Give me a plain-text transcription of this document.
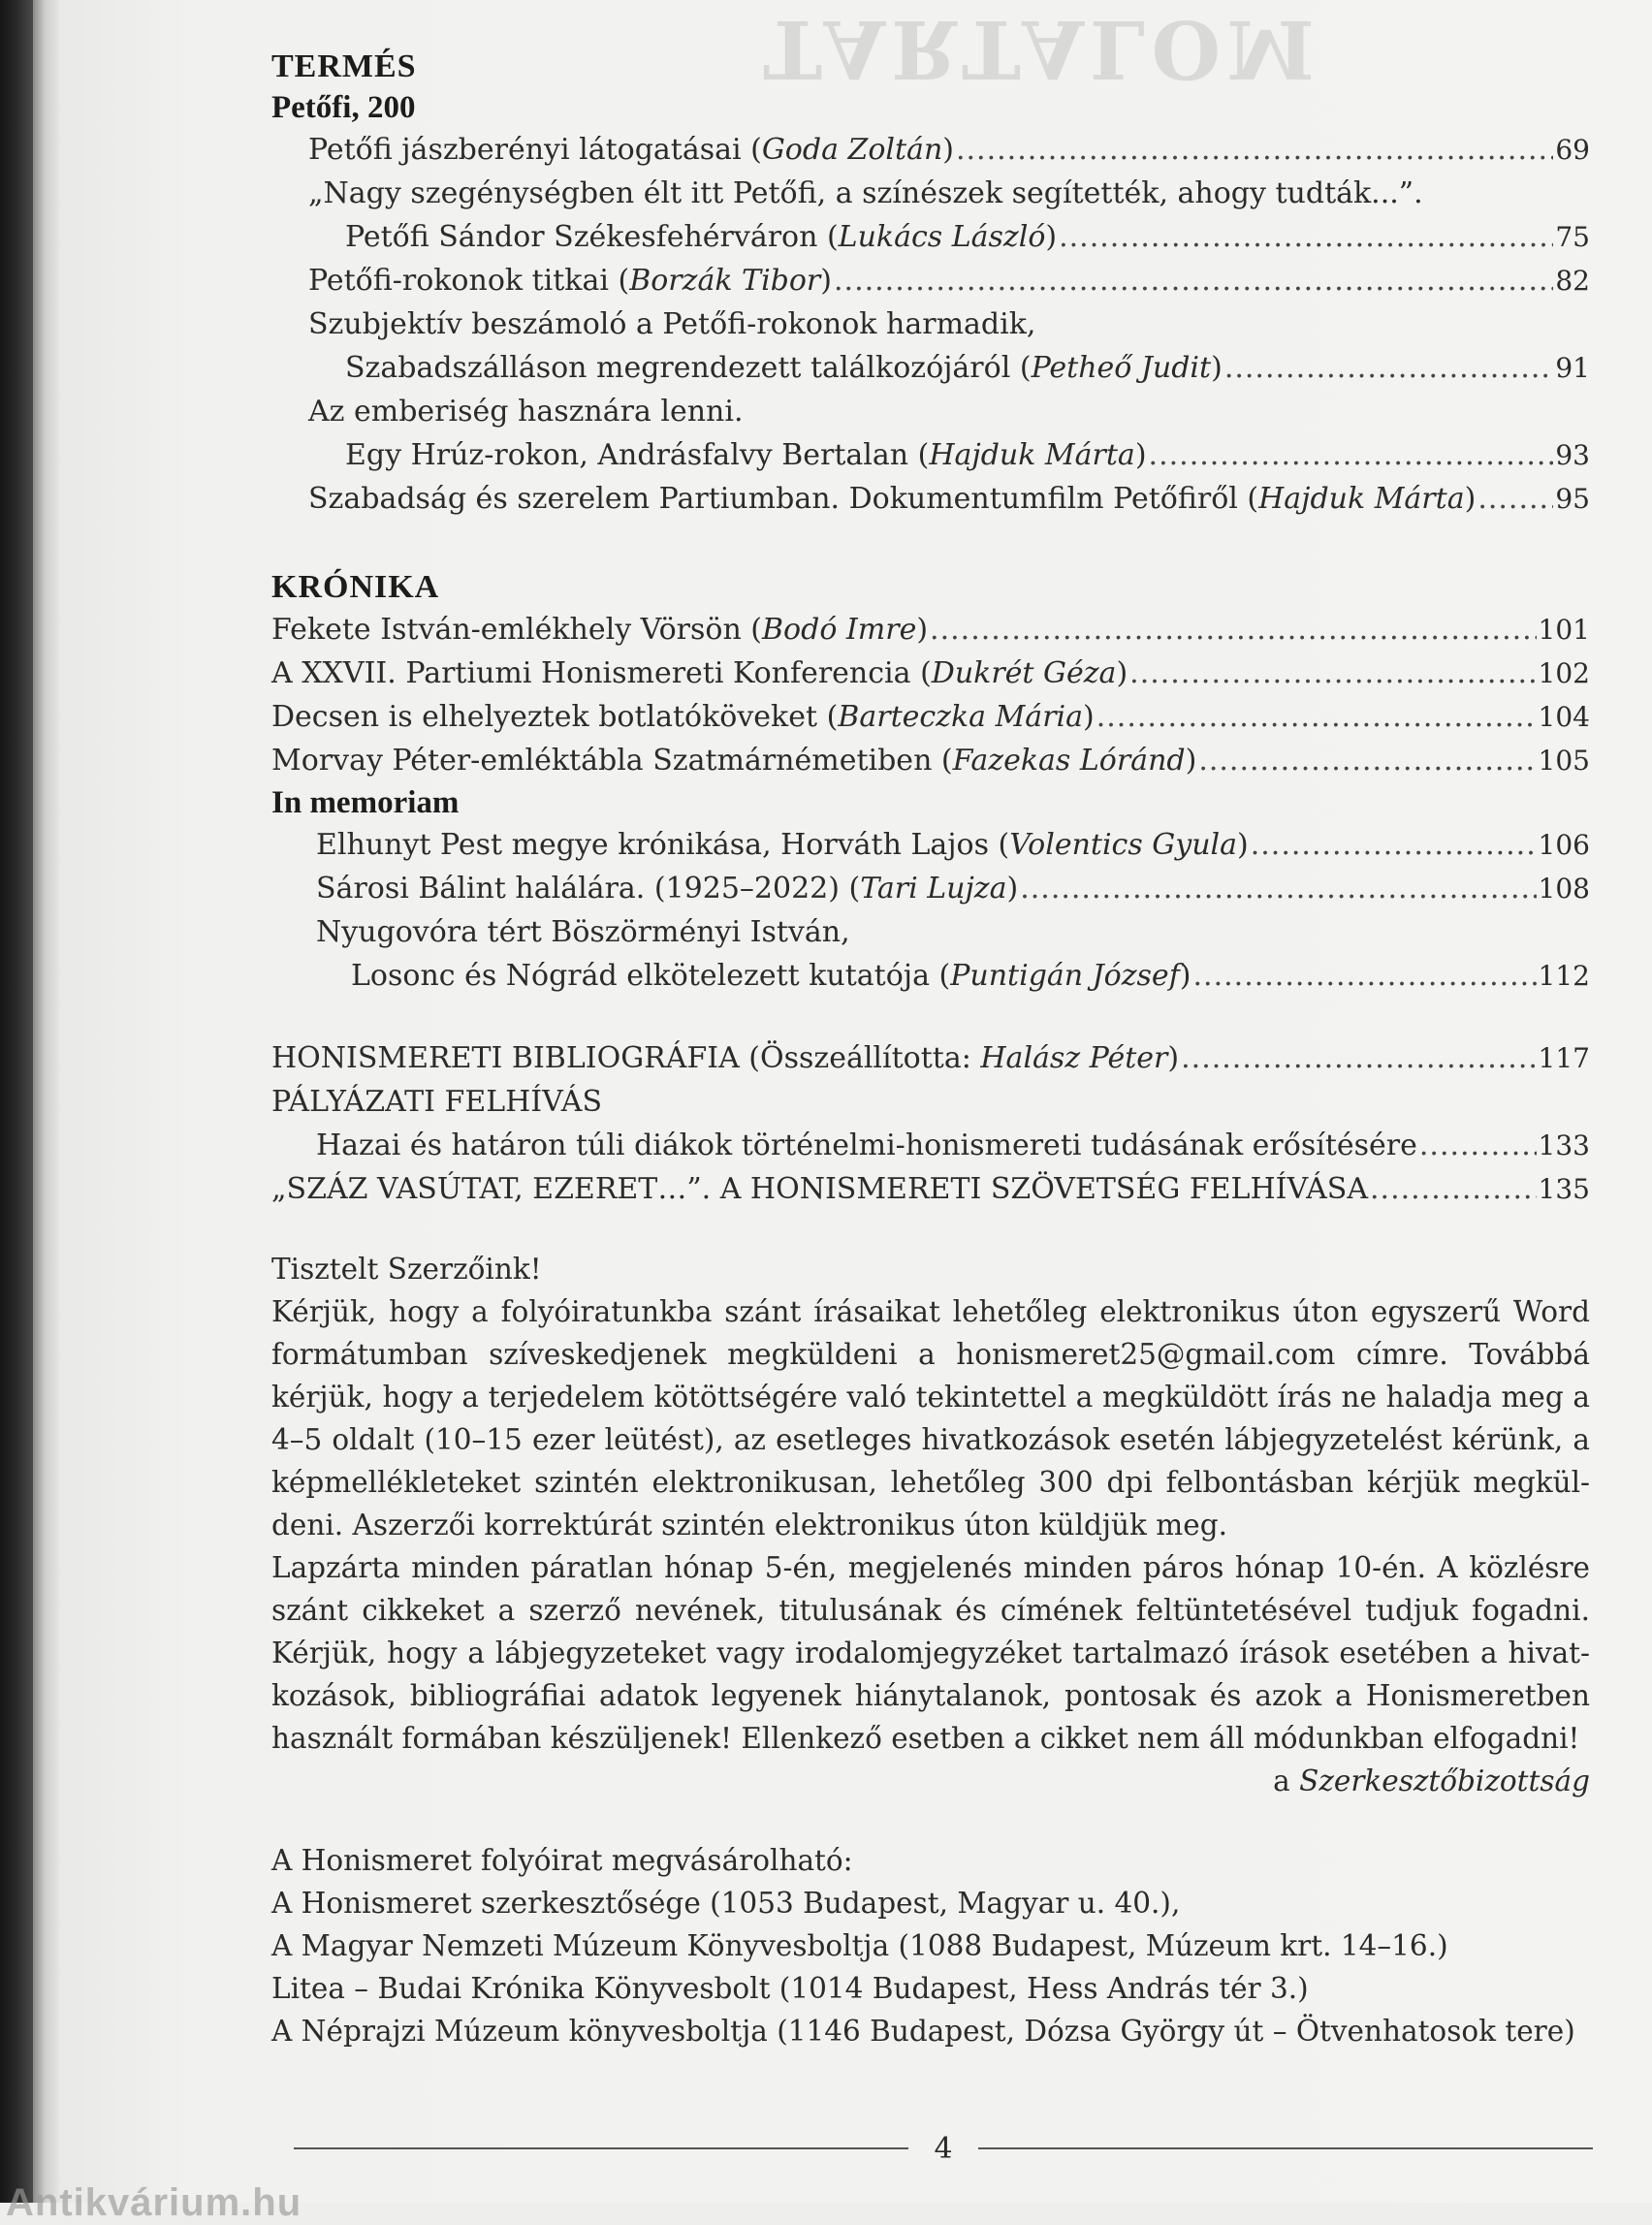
TARTALOM
TERMÉS
Petőfi, 200
Petőfi jászberényi látogatásai (Goda Zoltán) .....	69
„Nagy szegénységben élt itt Petőfi, a színészek segítették, ahogy tudták...”.
Petőfi Sándor Székesfehérváron (Lukács László) .....	75
Petőfi-rokonok titkai (Borzák Tibor) .....	82
Szubjektív beszámoló a Petőfi-rokonok harmadik,
Szabadszálláson megrendezett találkozójáról (Petheő Judit) .....	91
Az emberiség hasznára lenni.
Egy Hrúz-rokon, Andrásfalvy Bertalan (Hajduk Márta) .....	93
Szabadság és szerelem Partiumban. Dokumentumfilm Petőfiről (Hajduk Márta) .....	95
KRÓNIKA
Fekete István-emlékhely Vörsön (Bodó Imre) .....	101
A XXVII. Partiumi Honismereti Konferencia (Dukrét Géza) .....	102
Decsen is elhelyeztek botlatóköveket (Barteczka Mária) .....	104
Morvay Péter-emléktábla Szatmárnémetiben (Fazekas Lóránd) .....	105
In memoriam
Elhunyt Pest megye krónikása, Horváth Lajos (Volentics Gyula) .....	106
Sárosi Bálint halálára. (1925–2022) (Tari Lujza) .....	108
Nyugovóra tért Böszörményi István,
Losonc és Nógrád elkötelezett kutatója (Puntigán József) .....	112
HONISMERETI BIBLIOGRÁFIA (Összeállította: Halász Péter) .....	117
PÁLYÁZATI FELHÍVÁS
Hazai és határon túli diákok történelmi-honismereti tudásának erősítésére .....	133
„SZÁZ VASÚTAT, EZERET…”. A HONISMERETI SZÖVETSÉG FELHÍVÁSA .....	135

Tisztelt Szerzőink!

Kérjük, hogy a folyóiratunkba szánt írásaikat lehetőleg elektronikus úton egyszerű Word formátumban szíveskedjenek megküldeni a honismeret25@gmail.com címre. Továbbá kérjük, hogy a terjedelem kötöttségére való tekintettel a megküldött írás ne haladja meg a 4–5 oldalt (10–15 ezer leütést), az esetleges hivatkozások esetén lábjegyzetelést kérünk, a képmellékleteket szintén elektronikusan, lehetőleg 300 dpi felbontásban kérjük megküldeni. Aszerzői korrektúrát szintén elektronikus úton küldjük meg.

Lapzárta minden páratlan hónap 5-én, megjelenés minden páros hónap 10-én. A közlésre szánt cikkeket a szerző nevének, titulusának és címének feltüntetésével tudjuk fogadni. Kérjük, hogy a lábjegyzeteket vagy irodalomjegyzéket tartalmazó írások esetében a hivatkozások, bibliográfiai adatok legyenek hiánytalanok, pontosak és azok a Honismeretben használt formában készüljenek! Ellenkező esetben a cikket nem áll módunkban elfogadni!

a Szerkesztőbizottság
A Honismeret folyóirat megvásárolható:
A Honismeret szerkesztősége (1053 Budapest, Magyar u. 40.),
A Magyar Nemzeti Múzeum Könyvesboltja (1088 Budapest, Múzeum krt. 14–16.)
Litea – Budai Krónika Könyvesbolt (1014 Budapest, Hess András tér 3.)
A Néprajzi Múzeum könyvesboltja (1146 Budapest, Dózsa György út – Ötvenhatosok tere)
4
Antikvárium.hu
